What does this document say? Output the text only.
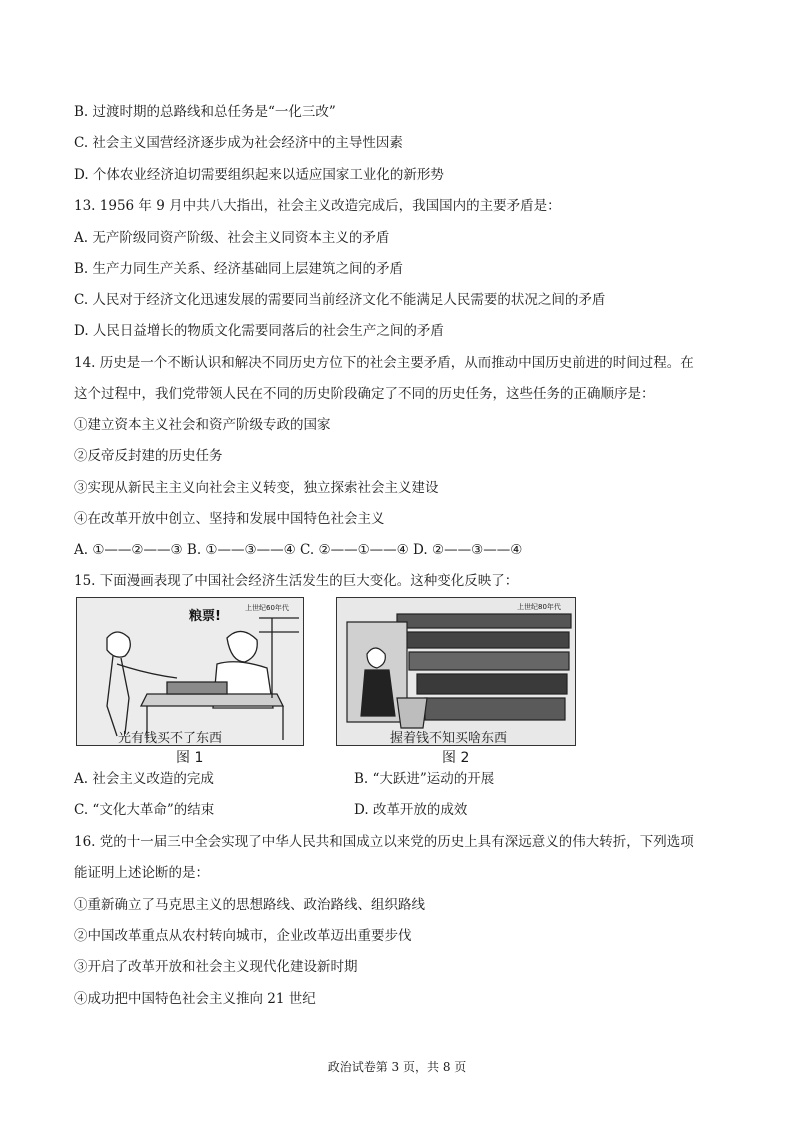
B. 过渡时期的总路线和总任务是“一化三改”
C. 社会主义国营经济逐步成为社会经济中的主导性因素
D. 个体农业经济迫切需要组织起来以适应国家工业化的新形势
13. 1956 年 9 月中共八大指出，社会主义改造完成后，我国国内的主要矛盾是：
A. 无产阶级同资产阶级、社会主义同资本主义的矛盾
B. 生产力同生产关系、经济基础同上层建筑之间的矛盾
C. 人民对于经济文化迅速发展的需要同当前经济文化不能满足人民需要的状况之间的矛盾
D. 人民日益增长的物质文化需要同落后的社会生产之间的矛盾
14. 历史是一个不断认识和解决不同历史方位下的社会主要矛盾，从而推动中国历史前进的时间过程。在
这个过程中，我们党带领人民在不同的历史阶段确定了不同的历史任务，这些任务的正确顺序是：
①建立资本主义社会和资产阶级专政的国家
②反帝反封建的历史任务
③实现从新民主主义向社会主义转变，独立探索社会主义建设
④在改革开放中创立、坚持和发展中国特色社会主义
A. ①——②——③ B. ①——③——④ C. ②——①——④ D. ②——③——④
15. 下面漫画表现了中国社会经济生活发生的巨大变化。这种变化反映了：
粮票!
上世纪60年代
光有钱买不了东西
图 1
上世纪80年代
握着钱不知买啥东西
图 2
A. 社会主义改造的完成	B. “大跃进”运动的开展
C. “文化大革命”的结束	D. 改革开放的成效
16. 党的十一届三中全会实现了中华人民共和国成立以来党的历史上具有深远意义的伟大转折，下列选项
能证明上述论断的是：
①重新确立了马克思主义的思想路线、政治路线、组织路线
②中国改革重点从农村转向城市，企业改革迈出重要步伐
③开启了改革开放和社会主义现代化建设新时期
④成功把中国特色社会主义推向 21 世纪
政治试卷第 3 页，共 8 页
